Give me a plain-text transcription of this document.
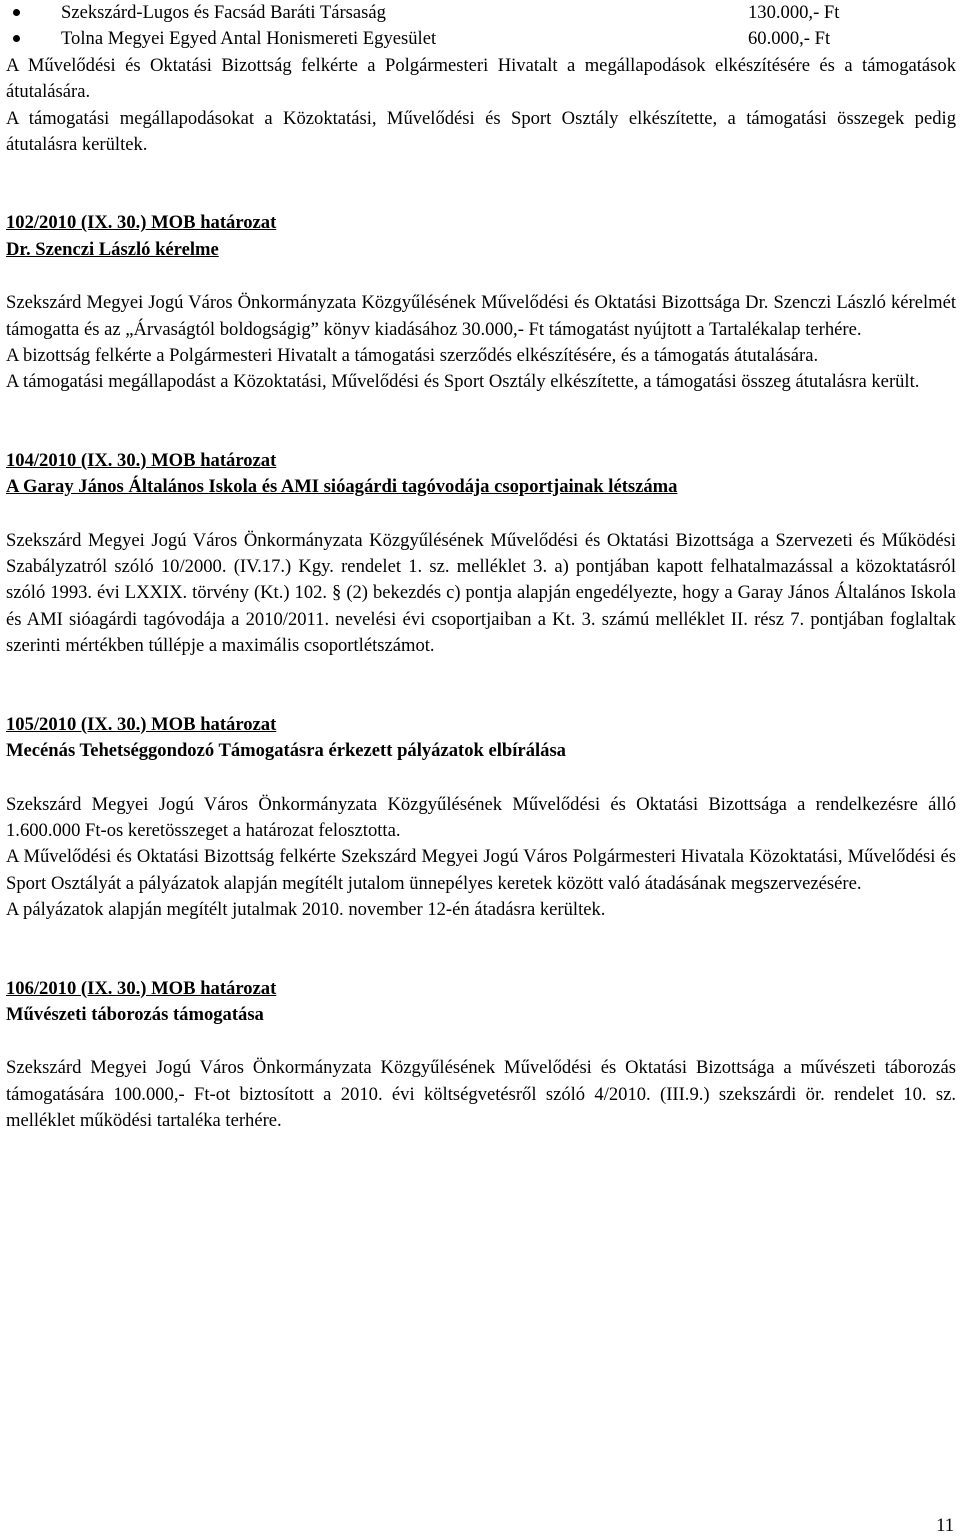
Szekszárd-Lugos és Facsád Baráti Társaság	130.000,- Ft
Tolna Megyei Egyed Antal Honismereti Egyesület	60.000,- Ft

A Művelődési és Oktatási Bizottság felkérte a Polgármesteri Hivatalt a megállapodások elkészítésére és a támogatások átutalására.

A támogatási megállapodásokat a Közoktatási, Művelődési és Sport Osztály elkészítette, a támogatási összegek pedig átutalásra kerültek.

102/2010 (IX. 30.) MOB határozat

Dr. Szenczi László kérelme

Szekszárd Megyei Jogú Város Önkormányzata Közgyűlésének Művelődési és Oktatási Bizottsága Dr. Szenczi László kérelmét támogatta és az „Árvaságtól boldogságig” könyv kiadásához 30.000,- Ft támogatást nyújtott a Tartalékalap terhére.

A bizottság felkérte a Polgármesteri Hivatalt a támogatási szerződés elkészítésére, és a támogatás átutalására.

A támogatási megállapodást a Közoktatási, Művelődési és Sport Osztály elkészítette, a támogatási összeg átutalásra került.

104/2010 (IX. 30.) MOB határozat

A Garay János Általános Iskola és AMI sióagárdi tagóvodája csoportjainak létszáma

Szekszárd Megyei Jogú Város Önkormányzata Közgyűlésének Művelődési és Oktatási Bizottsága a Szervezeti és Működési Szabályzatról szóló 10/2000. (IV.17.) Kgy. rendelet 1. sz. melléklet 3. a) pontjában kapott felhatalmazással a közoktatásról szóló 1993. évi LXXIX. törvény (Kt.) 102. § (2) bekezdés c) pontja alapján engedélyezte, hogy a Garay János Általános Iskola és AMI sióagárdi tagóvodája a 2010/2011. nevelési évi csoportjaiban a Kt. 3. számú melléklet II. rész 7. pontjában foglaltak szerinti mértékben túllépje a maximális csoportlétszámot.

105/2010 (IX. 30.) MOB határozat

Mecénás Tehetséggondozó Támogatásra érkezett pályázatok elbírálása

Szekszárd Megyei Jogú Város Önkormányzata Közgyűlésének Művelődési és Oktatási Bizottsága a rendelkezésre álló 1.600.000 Ft-os keretösszeget a határozat felosztotta.

A Művelődési és Oktatási Bizottság felkérte Szekszárd Megyei Jogú Város Polgármesteri Hivatala Közoktatási, Művelődési és Sport Osztályát a pályázatok alapján megítélt jutalom ünnepélyes keretek között való átadásának megszervezésére.

A pályázatok alapján megítélt jutalmak 2010. november 12-én átadásra kerültek.

106/2010 (IX. 30.) MOB határozat

Művészeti táborozás támogatása

Szekszárd Megyei Jogú Város Önkormányzata Közgyűlésének Művelődési és Oktatási Bizottsága a művészeti táborozás támogatására 100.000,- Ft-ot biztosított a 2010. évi költségvetésről szóló 4/2010. (III.9.) szekszárdi ör. rendelet 10. sz. melléklet működési tartaléka terhére.

11
